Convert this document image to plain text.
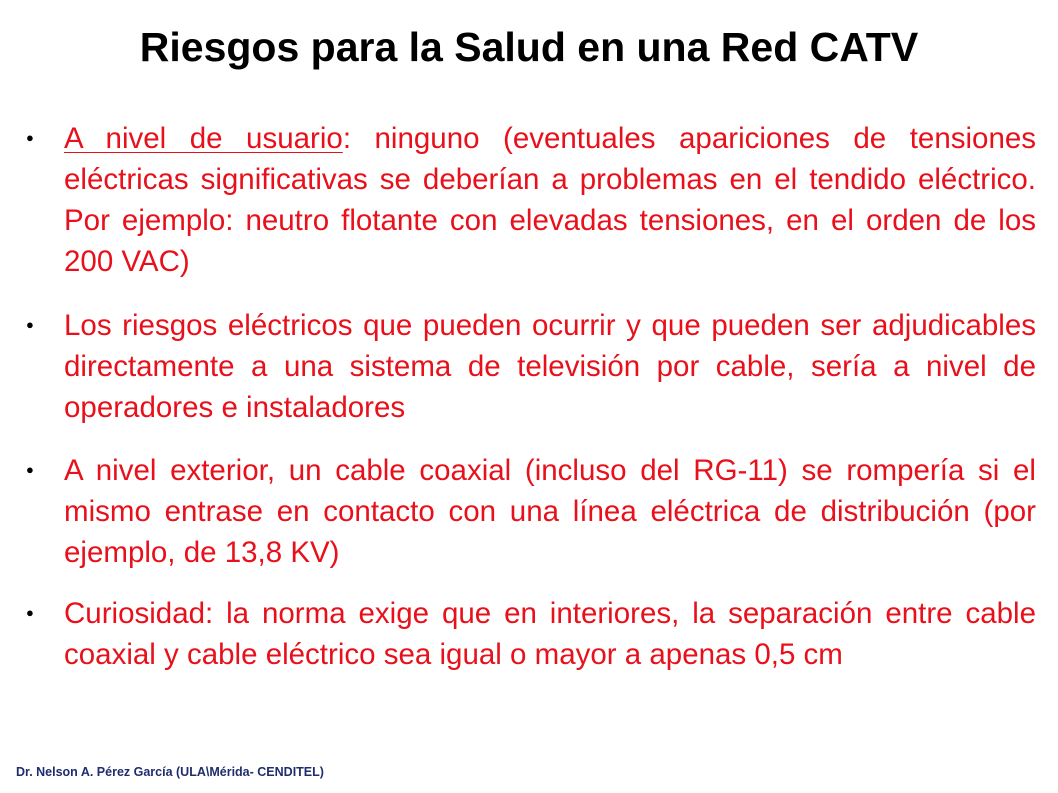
Riesgos para la Salud en una Red CATV
● A nivel de usuario: ninguno (eventuales apariciones de tensiones eléctricas significativas se deberían a problemas en el tendido eléctrico. Por ejemplo: neutro flotante con elevadas tensiones, en el orden de los 200 VAC)
● Los riesgos eléctricos que pueden ocurrir y que pueden ser adjudicables directamente a una sistema de televisión por cable, sería a nivel de operadores e instaladores
● A nivel exterior, un cable coaxial (incluso del RG-11) se rompería si el mismo entrase en contacto con una línea eléctrica de distribución (por ejemplo, de 13,8 KV)
● Curiosidad: la norma exige que en interiores, la separación entre cable coaxial y cable eléctrico sea igual o mayor a apenas 0,5 cm
Dr. Nelson A. Pérez García (ULA\Mérida- CENDITEL)
